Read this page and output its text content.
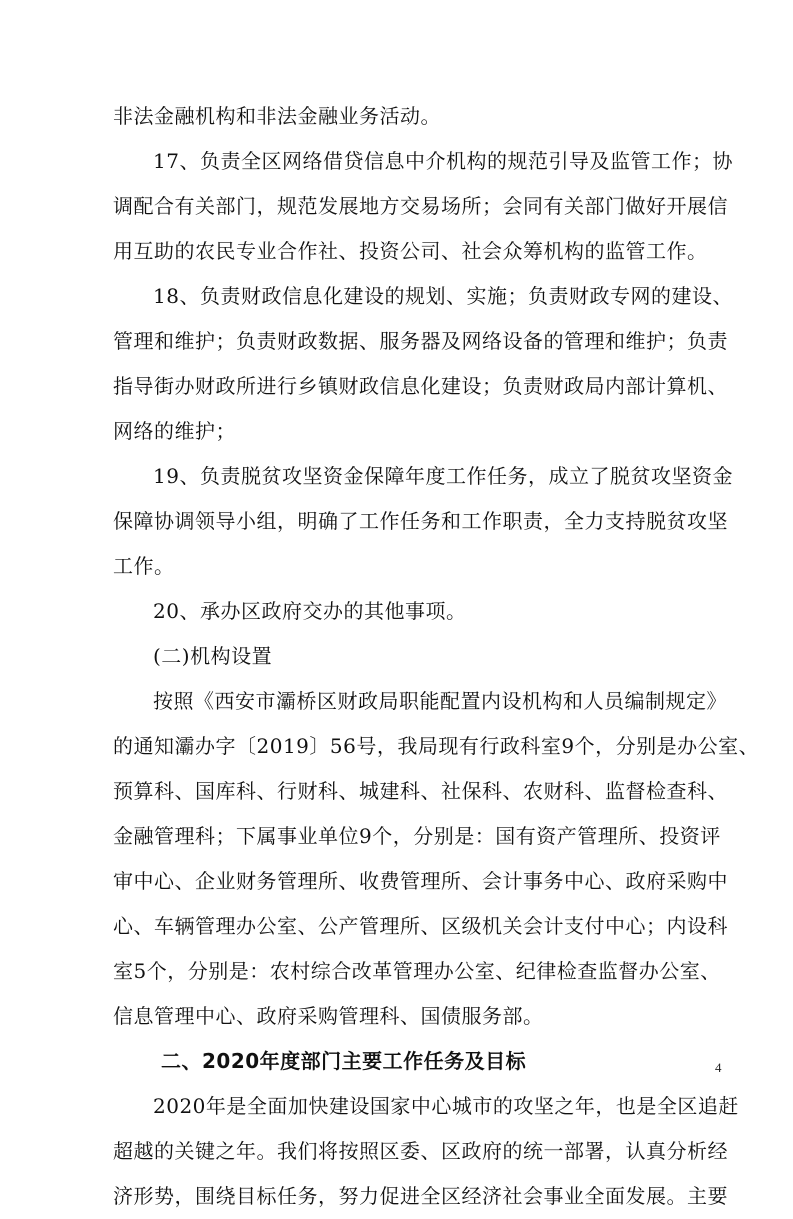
非法金融机构和非法金融业务活动。
17、负责全区网络借贷信息中介机构的规范引导及监管工作；协
调配合有关部门，规范发展地方交易场所；会同有关部门做好开展信
用互助的农民专业合作社、投资公司、社会众筹机构的监管工作。
18、负责财政信息化建设的规划、实施；负责财政专网的建设、
管理和维护；负责财政数据、服务器及网络设备的管理和维护；负责
指导街办财政所进行乡镇财政信息化建设；负责财政局内部计算机、
网络的维护；
19、负责脱贫攻坚资金保障年度工作任务，成立了脱贫攻坚资金
保障协调领导小组，明确了工作任务和工作职责，全力支持脱贫攻坚
工作。
20、承办区政府交办的其他事项。
(二)机构设置
按照《西安市灞桥区财政局职能配置内设机构和人员编制规定》
的通知灞办字〔2019〕56号，我局现有行政科室9个，分别是办公室、
预算科、国库科、行财科、城建科、社保科、农财科、监督检查科、
金融管理科；下属事业单位9个，分别是：国有资产管理所、投资评
审中心、企业财务管理所、收费管理所、会计事务中心、政府采购中
心、车辆管理办公室、公产管理所、区级机关会计支付中心；内设科
室5个，分别是：农村综合改革管理办公室、纪律检查监督办公室、
信息管理中心、政府采购管理科、国债服务部。
二、2020年度部门主要工作任务及目标
2020年是全面加快建设国家中心城市的攻坚之年，也是全区追赶
超越的关键之年。我们将按照区委、区政府的统一部署，认真分析经
济形势，围绕目标任务，努力促进全区经济社会事业全面发展。主要
4
